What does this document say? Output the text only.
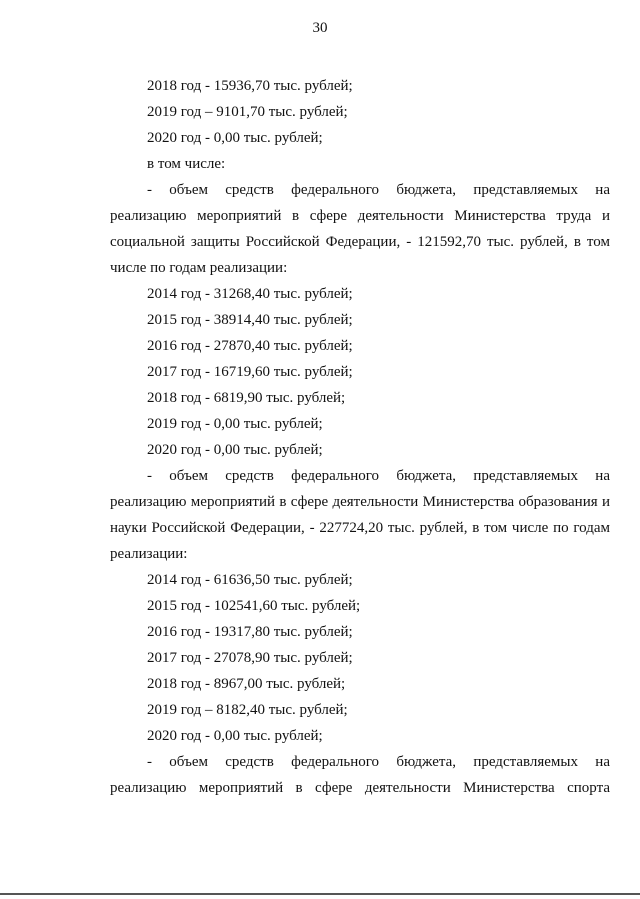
30
2018 год - 15936,70 тыс. рублей;
2019 год – 9101,70 тыс. рублей;
2020 год - 0,00 тыс. рублей;
в том числе:
- объем средств федерального бюджета, представляемых на
реализацию мероприятий в сфере деятельности Министерства труда и
социальной защиты Российской Федерации, - 121592,70 тыс. рублей, в том
числе по годам реализации:
2014 год - 31268,40 тыс. рублей;
2015 год - 38914,40 тыс. рублей;
2016 год - 27870,40 тыс. рублей;
2017 год - 16719,60 тыс. рублей;
2018 год - 6819,90 тыс. рублей;
2019 год - 0,00 тыс. рублей;
2020 год - 0,00 тыс. рублей;
- объем средств федерального бюджета, представляемых на
реализацию мероприятий в сфере деятельности Министерства образования и
науки Российской Федерации, - 227724,20 тыс. рублей, в том числе по годам
реализации:
2014 год - 61636,50 тыс. рублей;
2015 год - 102541,60 тыс. рублей;
2016 год - 19317,80 тыс. рублей;
2017 год - 27078,90 тыс. рублей;
2018 год - 8967,00 тыс. рублей;
2019 год – 8182,40 тыс. рублей;
2020 год - 0,00 тыс. рублей;
- объем средств федерального бюджета, представляемых на
реализацию мероприятий в сфере деятельности Министерства спорта
